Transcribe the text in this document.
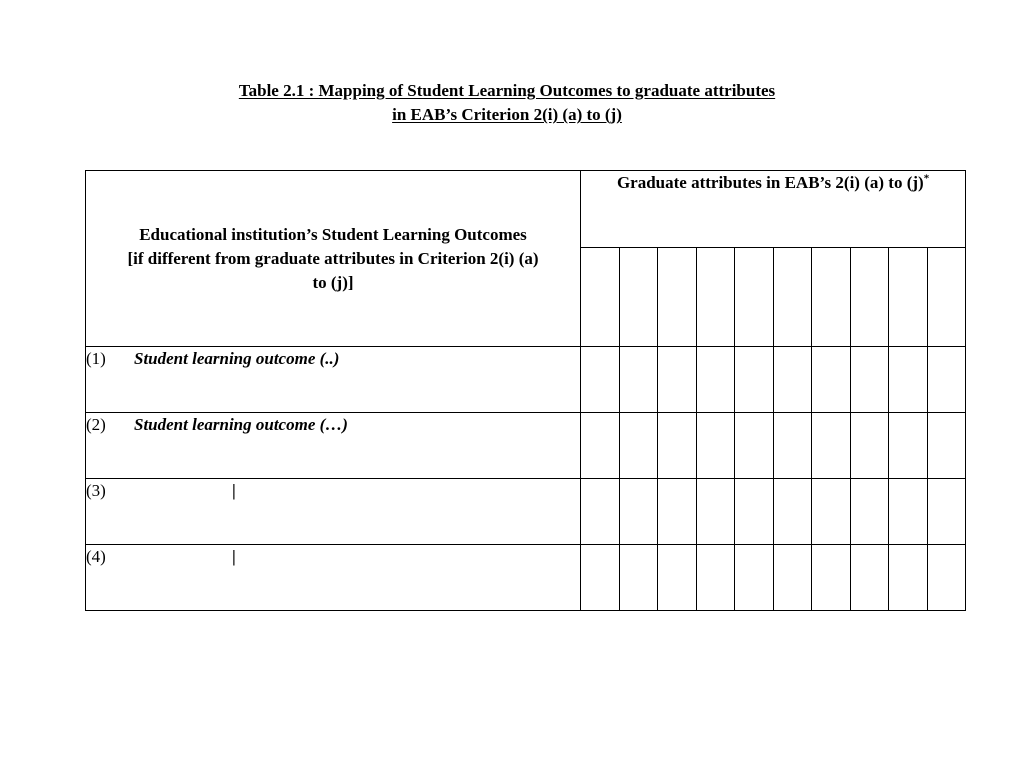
Table 2.1 : Mapping of Student Learning Outcomes to graduate attributes
in EAB’s Criterion 2(i) (a) to (j)
Educational institution’s Student Learning Outcomes
[if different from graduate attributes in Criterion 2(i) (a)
to (j)]	Graduate attributes in EAB’s 2(i) (a) to (j)*

(1) Student learning outcome (..)										
(2) Student learning outcome (…)										
(3) |										
(4) |										
